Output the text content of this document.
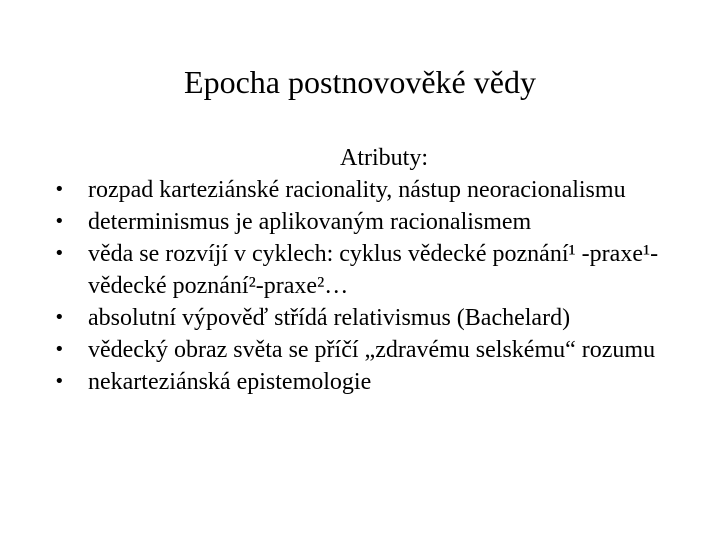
Epocha postnovověké vědy
Atributy:
• rozpad karteziánské racionality, nástup neoracionalismu
• determinismus je aplikovaným racionalismem
• věda se rozvíjí v cyklech: cyklus vědecké poznání¹ -praxe¹- vědecké poznání²-praxe²…
• absolutní výpověď střídá relativismus (Bachelard)
• vědecký obraz světa se příčí „zdravému selskému“ rozumu
• nekarteziánská epistemologie
